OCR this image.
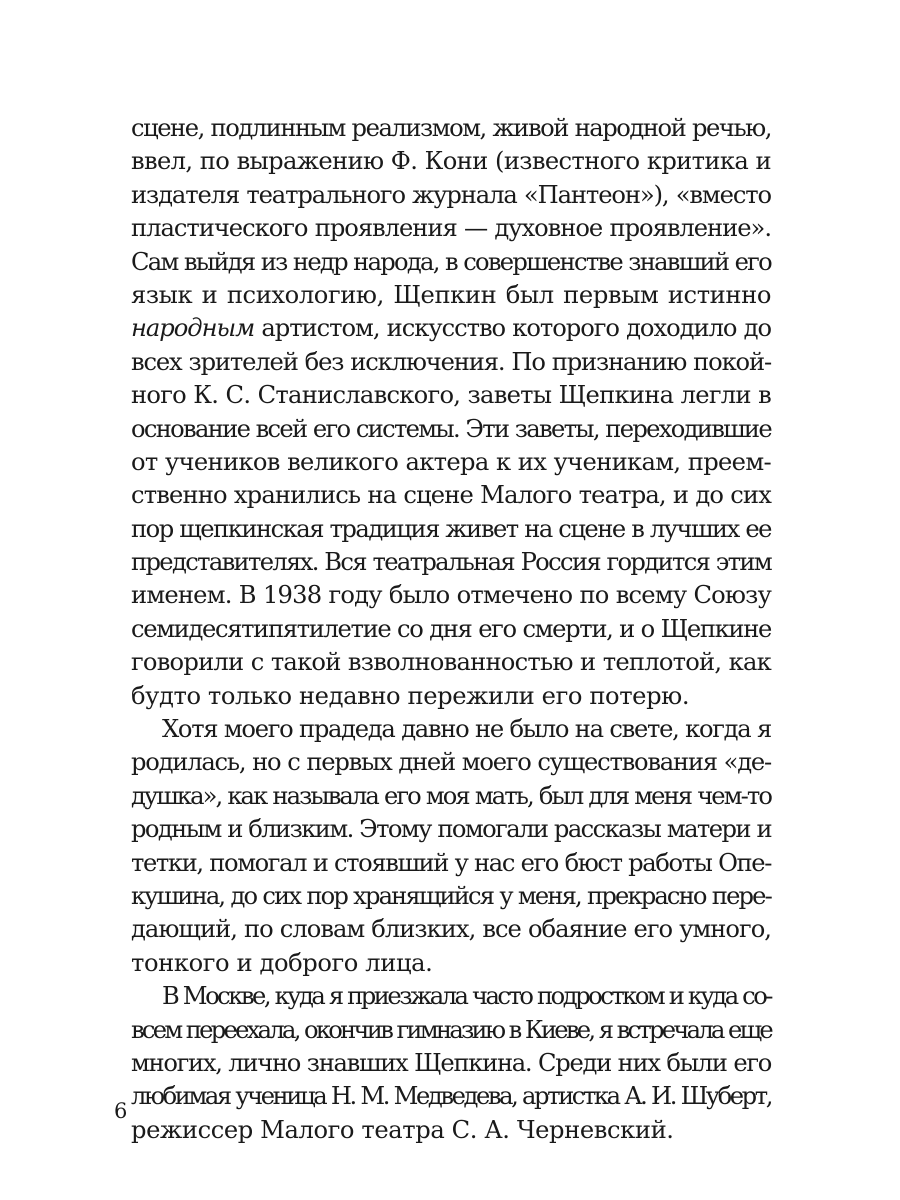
сцене, подлинным реализмом, живой народной речью,
ввел, по выражению Ф. Кони (известного критика и
издателя театрального журнала «Пантеон»), «вместо
пластического проявления — духовное проявление».
Сам выйдя из недр народа, в совершенстве знавший его
язык и психологию, Щепкин был первым истинно
народным артистом, искусство которого доходило до
всех зрителей без исключения. По признанию покой-
ного К. С. Станиславского, заветы Щепкина легли в
основание всей его системы. Эти заветы, переходившие
от учеников великого актера к их ученикам, преем-
ственно хранились на сцене Малого театра, и до сих
пор щепкинская традиция живет на сцене в лучших ее
представителях. Вся театральная Россия гордится этим
именем. В 1938 году было отмечено по всему Союзу
семидесятипятилетие со дня его смерти, и о Щепкине
говорили с такой взволнованностью и теплотой, как
будто только недавно пережили его потерю.

Хотя моего прадеда давно не было на свете, когда я
родилась, но с первых дней моего существования «де-
душка», как называла его моя мать, был для меня чем-то
родным и близким. Этому помогали рассказы матери и
тетки, помогал и стоявший у нас его бюст работы Опе-
кушина, до сих пор хранящийся у меня, прекрасно пере-
дающий, по словам близких, все обаяние его умного,
тонкого и доброго лица.

В Москве, куда я приезжала часто подростком и куда со-
всем переехала, окончив гимназию в Киеве, я встречала еще
многих, лично знавших Щепкина. Среди них были его
любимая ученица Н. М. Медведева, артистка А. И. Шуберт,
режиссер Малого театра С. А. Черневский.

6
